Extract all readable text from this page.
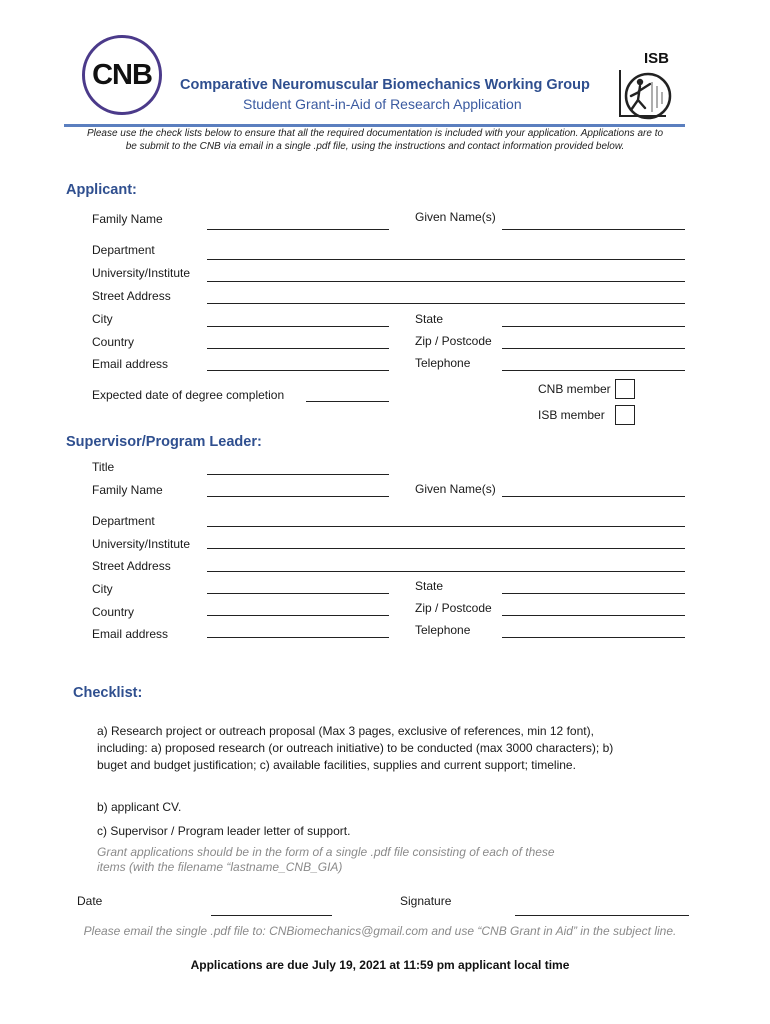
CNB Comparative Neuromuscular Biomechanics Working Group
Student Grant-in-Aid of Research Application
ISB
Please use the check lists below to ensure that all the required documentation is included with your application. Applications are to be submit to the CNB via email in a single .pdf file, using the instructions and contact information provided below.
Applicant:
Family Name	Given Name(s)
Department
University/Institute
Street Address
City	State
Country	Zip / Postcode
Email address	Telephone
Expected date of degree completion	CNB member
ISB member
Supervisor/Program Leader:
Title
Family Name	Given Name(s)
Department
University/Institute
Street Address
City	State
Country	Zip / Postcode
Email address	Telephone
Checklist:
a) Research project or outreach proposal (Max 3 pages, exclusive of references, min 12 font), including: a) proposed research (or outreach initiative) to be conducted (max 3000 characters); b) buget and budget justification; c) available facilities, supplies and current support; timeline.
b) applicant CV.
c) Supervisor / Program leader letter of support.
Grant applications should be in the form of a single .pdf file consisting of each of these items (with the filename “lastname_CNB_GIA)
Date	Signature
Please email the single .pdf file to: CNBiomechanics@gmail.com and use “CNB Grant in Aid” in the subject line.
Applications are due July 19, 2021 at 11:59 pm applicant local time
